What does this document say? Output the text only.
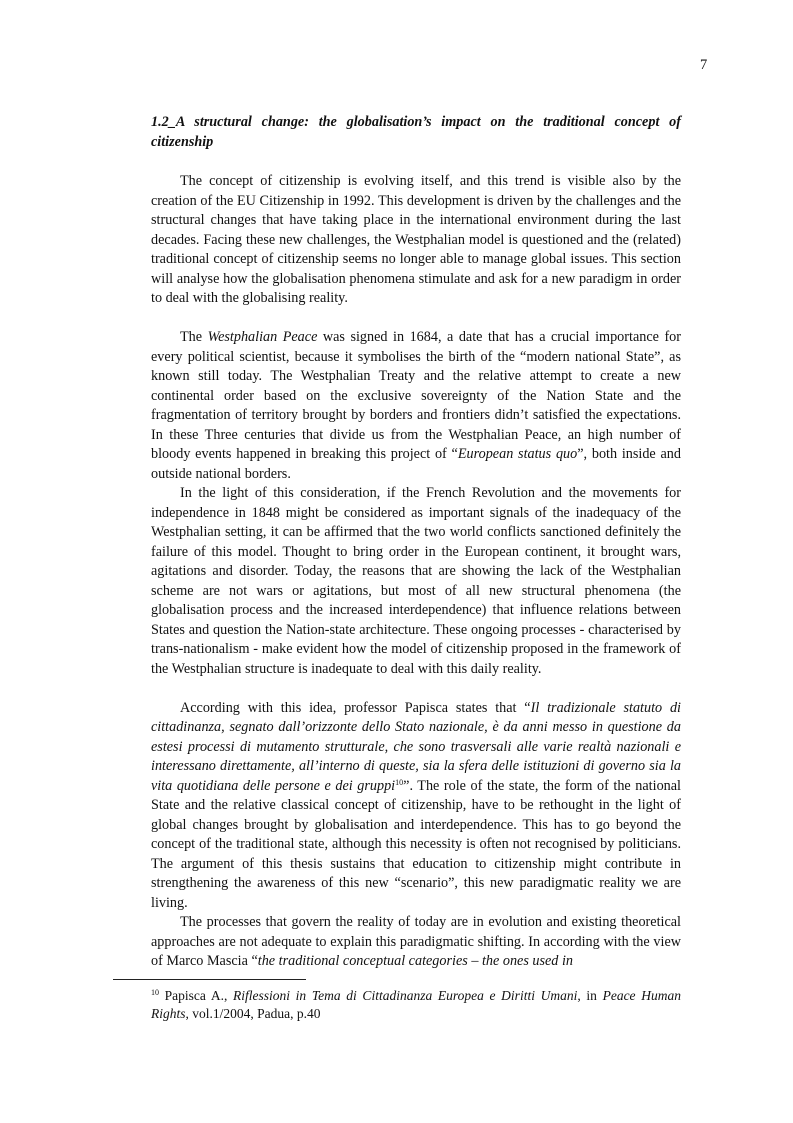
7

1.2_A structural change: the globalisation’s impact on the traditional concept of citizenship

The concept of citizenship is evolving itself, and this trend is visible also by the creation of the EU Citizenship in 1992. This development is driven by the challenges and the structural changes that have taking place in the international environment during the last decades. Facing these new challenges, the Westphalian model is questioned and the (related) traditional concept of citizenship seems no longer able to manage global issues. This section will analyse how the globalisation phenomena stimulate and ask for a new paradigm in order to deal with the globalising reality.

The Westphalian Peace was signed in 1684, a date that has a crucial importance for every political scientist, because it symbolises the birth of the “modern national State”, as known still today. The Westphalian Treaty and the relative attempt to create a new continental order based on the exclusive sovereignty of the Nation State and the fragmentation of territory brought by borders and frontiers didn’t satisfied the expectations. In these Three centuries that divide us from the Westphalian Peace, an high number of bloody events happened in breaking this project of “European status quo”, both inside and outside national borders.

In the light of this consideration, if the French Revolution and the movements for independence in 1848 might be considered as important signals of the inadequacy of the Westphalian setting, it can be affirmed that the two world conflicts sanctioned definitely the failure of this model. Thought to bring order in the European continent, it brought wars, agitations and disorder. Today, the reasons that are showing the lack of the Westphalian scheme are not wars or agitations, but most of all new structural phenomena (the globalisation process and the increased interdependence) that influence relations between States and question the Nation-state architecture. These ongoing processes - characterised by trans-nationalism - make evident how the model of citizenship proposed in the framework of the Westphalian structure is inadequate to deal with this daily reality.

According with this idea, professor Papisca states that “Il tradizionale statuto di cittadinanza, segnato dall’orizzonte dello Stato nazionale, è da anni messo in questione da estesi processi di mutamento strutturale, che sono trasversali alle varie realtà nazionali e interessano direttamente, all’interno di queste, sia la sfera delle istituzioni di governo sia la vita quotidiana delle persone e dei gruppi$^{10}$”. The role of the state, the form of the national State and the relative classical concept of citizenship, have to be rethought in the light of global changes brought by globalisation and interdependence. This has to go beyond the concept of the traditional state, although this necessity is often not recognised by politicians. The argument of this thesis sustains that education to citizenship might contribute in strengthening the awareness of this new “scenario”, this new paradigmatic reality we are living.

The processes that govern the reality of today are in evolution and existing theoretical approaches are not adequate to explain this paradigmatic shifting. In according with the view of Marco Mascia “the traditional conceptual categories – the ones used in

$^{10}$ Papisca A., Riflessioni in Tema di Cittadinanza Europea e Diritti Umani, in Peace Human Rights, vol.1/2004, Padua, p.40
